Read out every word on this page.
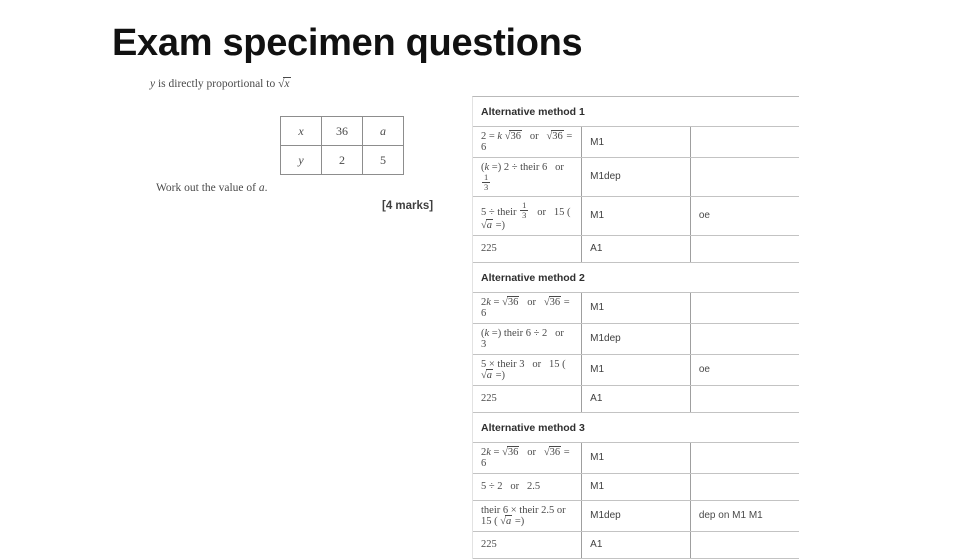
Exam specimen questions
y is directly proportional to √x
x	36	a
y	2	5
Work out the value of a.
[4 marks]
Alternative method 1		
2 = k √36   or   √36 = 6	M1	
(k =) 2 ÷ their 6   or
$\frac{1}{3}$	M1dep	
5 ÷ their $\frac{1}{3}$ or   15 ( √a =)	M1	oe
225	A1	
Alternative method 2		
2k = √36   or   √36 = 6	M1	
(k =) their 6 ÷ 2   or   3	M1dep	
5 × their 3   or   15 ( √a =)	M1	oe
225	A1	
Alternative method 3		
2k = √36   or   √36 = 6	M1	
5 ÷ 2   or   2.5	M1	
their 6 × their 2.5 or 15 ( √a =)	M1dep	dep on M1 M1
225	A1	
